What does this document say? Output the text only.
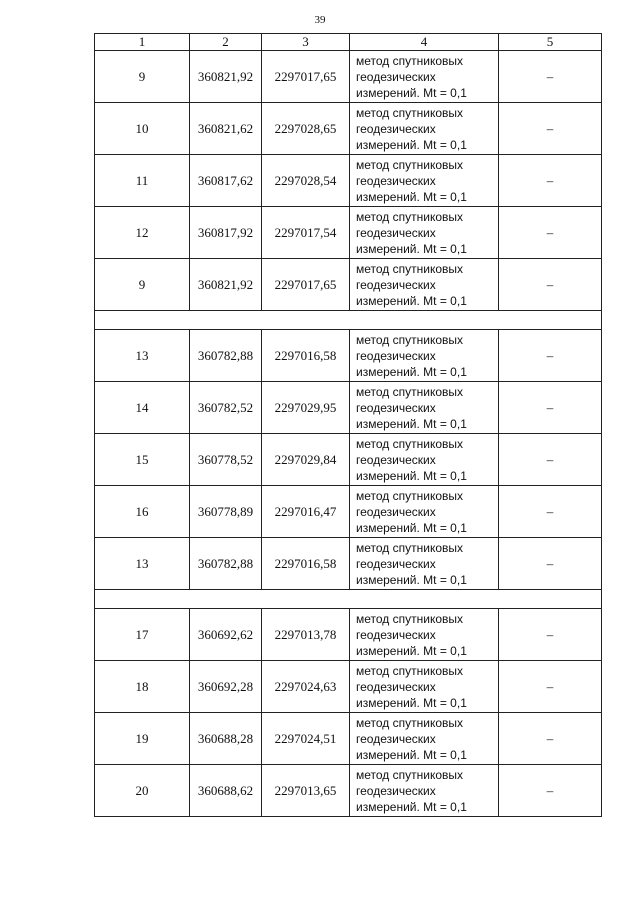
39
1	2	3	4	5
9	360821,92	2297017,65	метод спутниковых
геодезических
измерений. Mt = 0,1	–
10	360821,62	2297028,65	метод спутниковых
геодезических
измерений. Mt = 0,1	–
11	360817,62	2297028,54	метод спутниковых
геодезических
измерений. Mt = 0,1	–
12	360817,92	2297017,54	метод спутниковых
геодезических
измерений. Mt = 0,1	–
9	360821,92	2297017,65	метод спутниковых
геодезических
измерений. Mt = 0,1	–

13	360782,88	2297016,58	метод спутниковых
геодезических
измерений. Mt = 0,1	–
14	360782,52	2297029,95	метод спутниковых
геодезических
измерений. Mt = 0,1	–
15	360778,52	2297029,84	метод спутниковых
геодезических
измерений. Mt = 0,1	–
16	360778,89	2297016,47	метод спутниковых
геодезических
измерений. Mt = 0,1	–
13	360782,88	2297016,58	метод спутниковых
геодезических
измерений. Mt = 0,1	–

17	360692,62	2297013,78	метод спутниковых
геодезических
измерений. Mt = 0,1	–
18	360692,28	2297024,63	метод спутниковых
геодезических
измерений. Mt = 0,1	–
19	360688,28	2297024,51	метод спутниковых
геодезических
измерений. Mt = 0,1	–
20	360688,62	2297013,65	метод спутниковых
геодезических
измерений. Mt = 0,1	–
